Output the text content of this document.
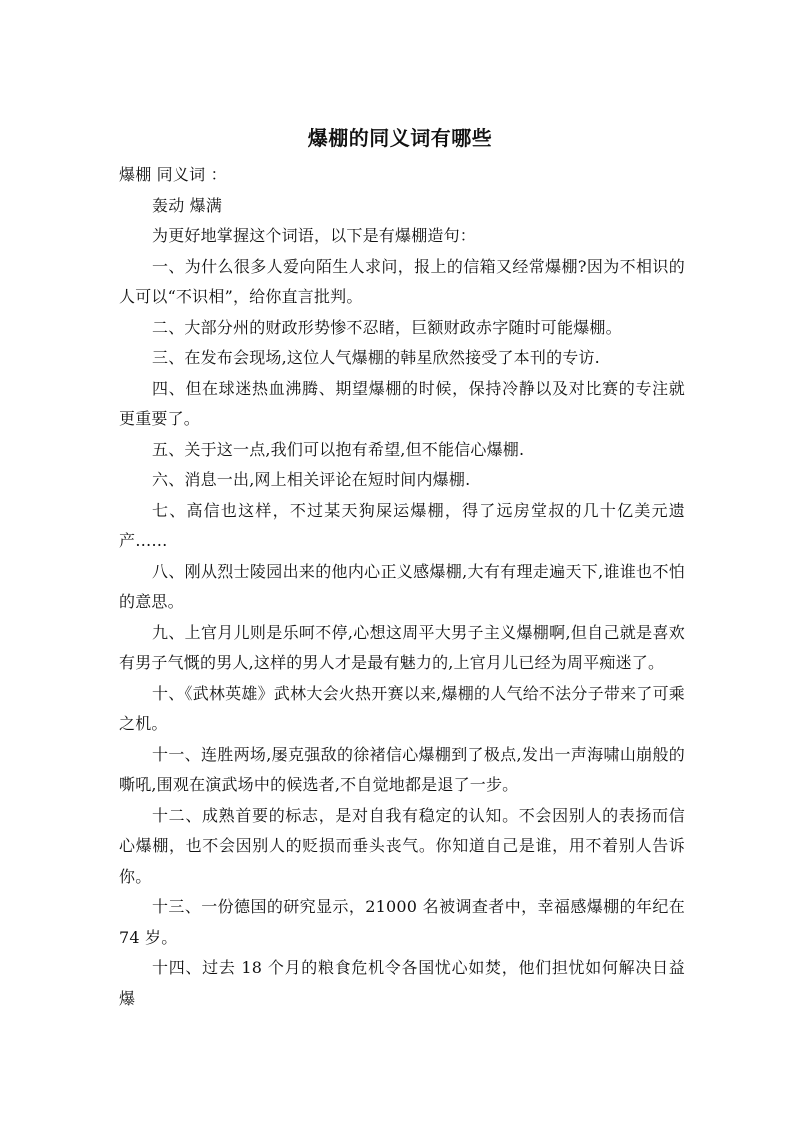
爆棚的同义词有哪些

爆棚 同义词 ：

轰动 爆满

为更好地掌握这个词语，以下是有爆棚造句：

一、为什么很多人爱向陌生人求问，报上的信箱又经常爆棚?因为不相识的人可以“不识相”，给你直言批判。

二、大部分州的财政形势惨不忍睹，巨额财政赤字随时可能爆棚。

三、在发布会现场,这位人气爆棚的韩星欣然接受了本刊的专访.

四、但在球迷热血沸腾、期望爆棚的时候，保持冷静以及对比赛的专注就更重要了。

五、关于这一点,我们可以抱有希望,但不能信心爆棚.

六、消息一出,网上相关评论在短时间内爆棚.

七、高信也这样，不过某天狗屎运爆棚，得了远房堂叔的几十亿美元遗产……

八、刚从烈士陵园出来的他内心正义感爆棚,大有有理走遍天下,谁谁也不怕的意思。

九、上官月儿则是乐呵不停,心想这周平大男子主义爆棚啊,但自己就是喜欢有男子气慨的男人,这样的男人才是最有魅力的,上官月儿已经为周平痴迷了。

十、《武林英雄》武林大会火热开赛以来,爆棚的人气给不法分子带来了可乘之机。

十一、连胜两场,屡克强敌的徐褚信心爆棚到了极点,发出一声海啸山崩般的嘶吼,围观在演武场中的候选者,不自觉地都是退了一步。

十二、成熟首要的标志，是对自我有稳定的认知。不会因别人的表扬而信心爆棚，也不会因别人的贬损而垂头丧气。你知道自己是谁，用不着别人告诉你。

十三、一份德国的研究显示，21000 名被调查者中，幸福感爆棚的年纪在 74 岁。

十四、过去 18 个月的粮食危机令各国忧心如焚，他们担忧如何解决日益爆
